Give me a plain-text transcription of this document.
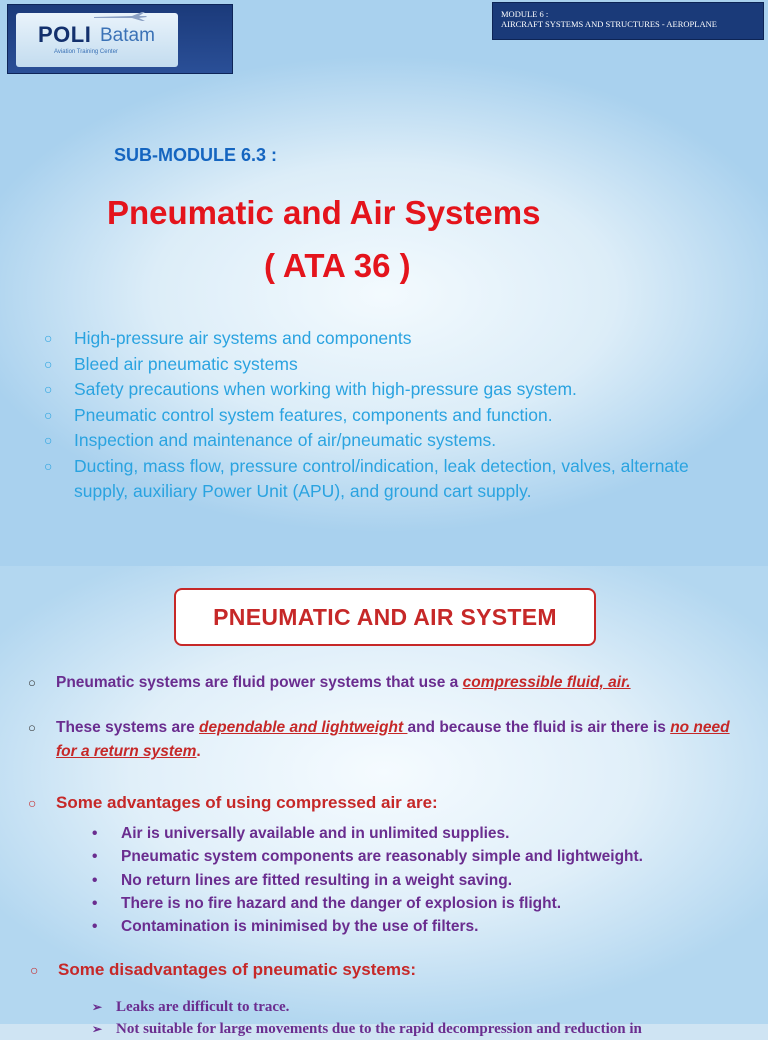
POLI Batam
Aviation Training Center
MODULE 6 :
AIRCRAFT SYSTEMS AND STRUCTURES - AEROPLANE
SUB-MODULE 6.3 :
Pneumatic and Air Systems
( ATA 36 )
○ High-pressure air systems and components
○ Bleed air pneumatic systems
○ Safety precautions when working with high-pressure gas system.
○ Pneumatic control system features, components and function.
○ Inspection and maintenance of air/pneumatic systems.
○ Ducting, mass flow, pressure control/indication, leak detection, valves, alternate supply, auxiliary Power Unit (APU), and ground cart supply.
PNEUMATIC AND AIR SYSTEM
○ Pneumatic systems are fluid power systems that use a compressible fluid, air.
○ These systems are dependable and lightweight and because the fluid is air there is no need for a return system.
○ Some advantages of using compressed air are:
• Air is universally available and in unlimited supplies.
• Pneumatic system components are reasonably simple and lightweight.
• No return lines are fitted resulting in a weight saving.
• There is no fire hazard and the danger of explosion is flight.
• Contamination is minimised by the use of filters.
○ Some disadvantages of pneumatic systems:
➢ Leaks are difficult to trace.
➢ Not suitable for large movements due to the rapid decompression and reduction in
